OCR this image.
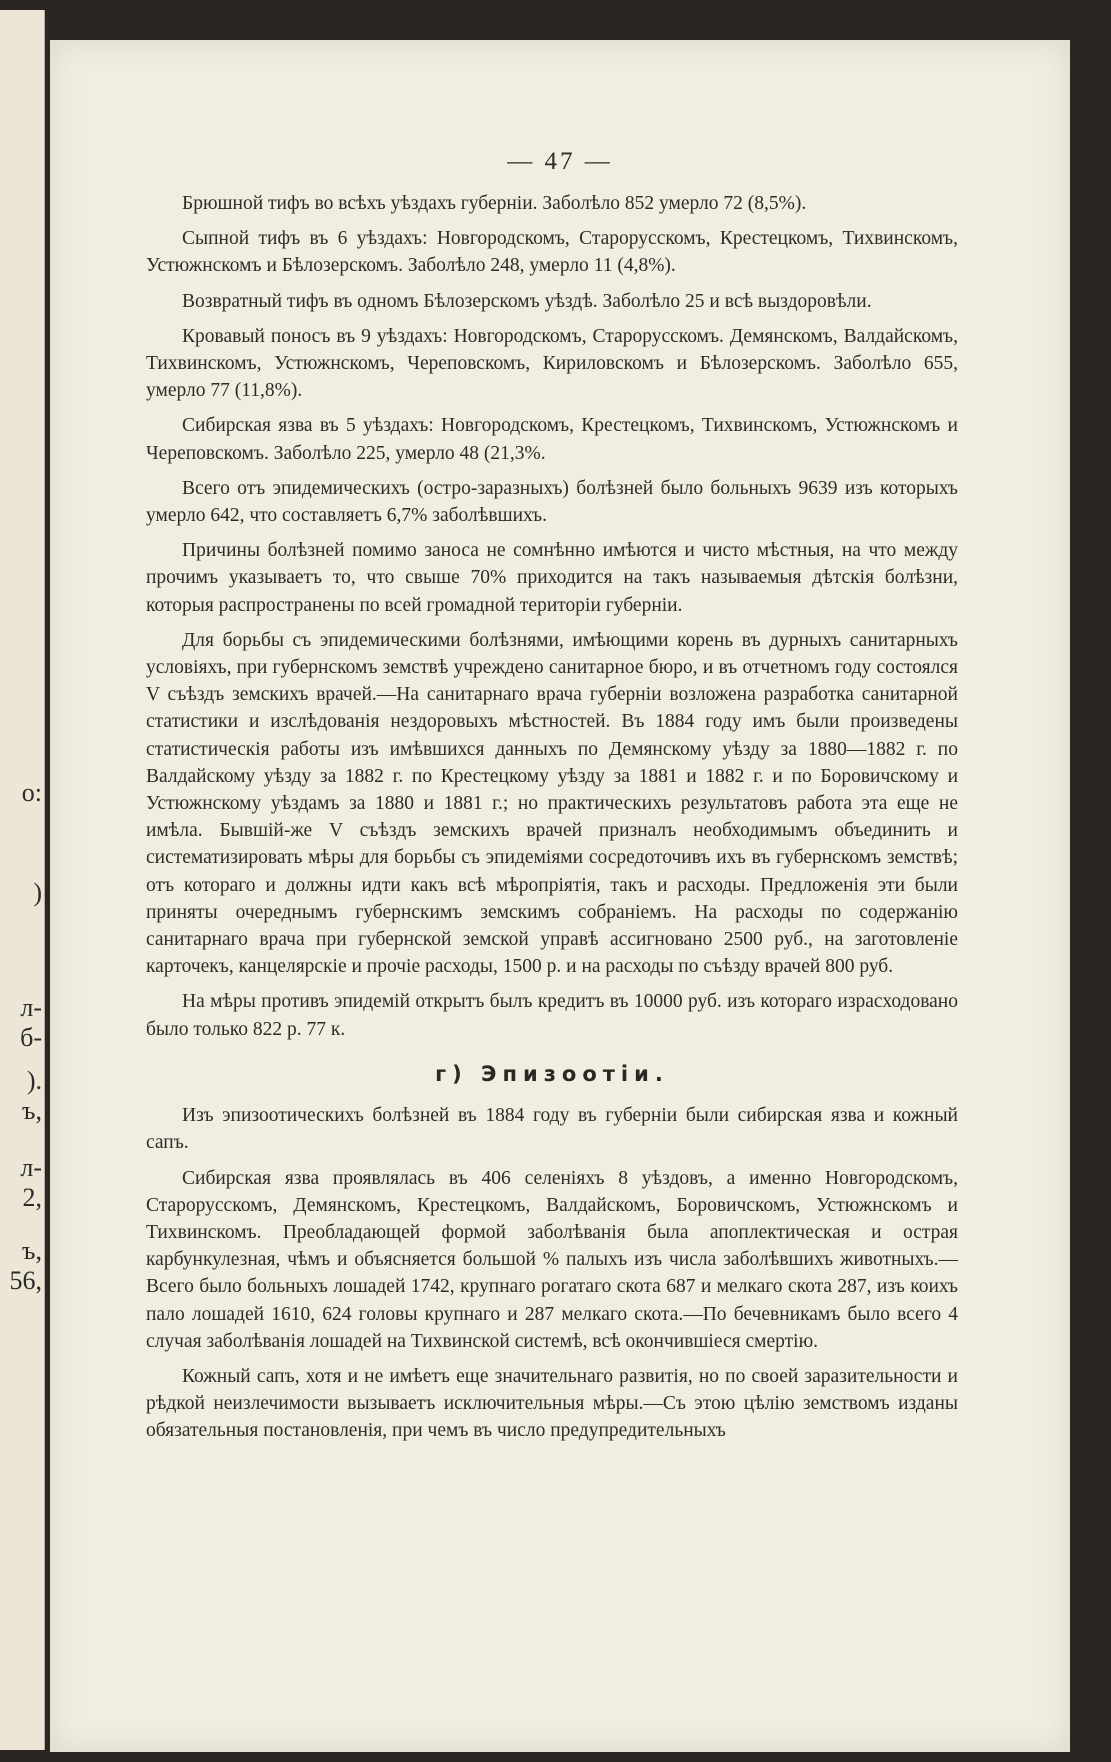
о:
)
л-
б-
).
ъ,
л-
2,
ъ,
56,
— 47 —

Брюшной тифъ во всѣхъ уѣздахъ губерніи. Заболѣло 852 умерло 72 (8,5%).

Сыпной тифъ въ 6 уѣздахъ: Новгородскомъ, Старорусскомъ, Крестецкомъ, Тихвинскомъ, Устюжнскомъ и Бѣлозерскомъ. Заболѣло 248, умерло 11 (4,8%).

Возвратный тифъ въ одномъ Бѣлозерскомъ уѣздѣ. Заболѣло 25 и всѣ выздоровѣли.

Кровавый поносъ въ 9 уѣздахъ: Новгородскомъ, Старорусскомъ. Демянскомъ, Валдайскомъ, Тихвинскомъ, Устюжнскомъ, Череповскомъ, Кириловскомъ и Бѣлозерскомъ. Заболѣло 655, умерло 77 (11,8%).

Сибирская язва въ 5 уѣздахъ: Новгородскомъ, Крестецкомъ, Тихвинскомъ, Устюжнскомъ и Череповскомъ. Заболѣло 225, умерло 48 (21,3%.

Всего отъ эпидемическихъ (остро-заразныхъ) болѣзней было больныхъ 9639 изъ которыхъ умерло 642, что составляетъ 6,7% заболѣвшихъ.

Причины болѣзней помимо заноса не сомнѣнно имѣются и чисто мѣстныя, на что между прочимъ указываетъ то, что свыше 70% приходится на такъ называемыя дѣтскія болѣзни, которыя распространены по всей громадной територіи губерніи.

Для борьбы съ эпидемическими болѣзнями, имѣющими корень въ дурныхъ санитарныхъ условіяхъ, при губернскомъ земствѣ учреждено санитарное бюро, и въ отчетномъ году состоялся V съѣздъ земскихъ врачей.—На санитарнаго врача губерніи возложена разработка санитарной статистики и изслѣдованія нездоровыхъ мѣстностей. Въ 1884 году имъ были произведены статистическія работы изъ имѣвшихся данныхъ по Демянскому уѣзду за 1880—1882 г. по Валдайскому уѣзду за 1882 г. по Крестецкому уѣзду за 1881 и 1882 г. и по Боровичскому и Устюжнскому уѣздамъ за 1880 и 1881 г.; но практическихъ результатовъ работа эта еще не имѣла. Бывшій-же V съѣздъ земскихъ врачей призналъ необходимымъ объединить и систематизировать мѣры для борьбы съ эпидеміями сосредоточивъ ихъ въ губернскомъ земствѣ; отъ котораго и должны идти какъ всѣ мѣропріятія, такъ и расходы. Предложенія эти были приняты очереднымъ губернскимъ земскимъ собраніемъ. На расходы по содержанію санитарнаго врача при губернской земской управѣ ассигновано 2500 руб., на заготовленіе карточекъ, канцелярскіе и прочіе расходы, 1500 р. и на расходы по съѣзду врачей 800 руб.

На мѣры противъ эпидемій открытъ былъ кредитъ въ 10000 руб. изъ котораго израсходовано было только 822 р. 77 к.

г) Эпизоотіи.

Изъ эпизоотическихъ болѣзней въ 1884 году въ губерніи были сибирская язва и кожный сапъ.

Сибирская язва проявлялась въ 406 селеніяхъ 8 уѣздовъ, а именно Новгородскомъ, Старорусскомъ, Демянскомъ, Крестецкомъ, Валдайскомъ, Боровичскомъ, Устюжнскомъ и Тихвинскомъ. Преобладающей формой заболѣванія была апоплектическая и острая карбункулезная, чѣмъ и объясняется большой % палыхъ изъ числа заболѣвшихъ животныхъ.— Всего было больныхъ лошадей 1742, крупнаго рогатаго скота 687 и мелкаго скота 287, изъ коихъ пало лошадей 1610, 624 головы крупнаго и 287 мелкаго скота.—По бечевникамъ было всего 4 случая заболѣванія лошадей на Тихвинской системѣ, всѣ окончившіеся смертію.

Кожный сапъ, хотя и не имѣетъ еще значительнаго развитія, но по своей заразительности и рѣдкой неизлечимости вызываетъ исключительныя мѣры.—Съ этою цѣлію земствомъ изданы обязательныя постановленія, при чемъ въ число предупредительныхъ
